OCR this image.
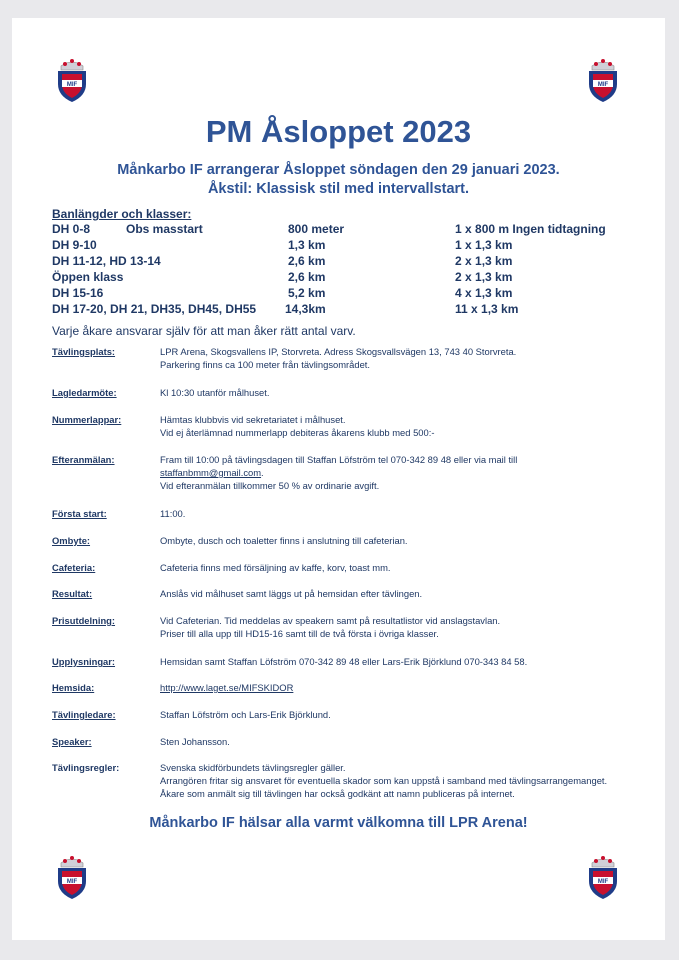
MIF	MIF
MIF	MIF
PM Åsloppet 2023
Månkarbo IF arrangerar Åsloppet söndagen den 29 januari 2023.
Åkstil: Klassisk stil med intervallstart.
Banlängder och klasser:
DH 0-8	Obs masstart	800 meter	1 x 800 m Ingen tidtagning
DH 9-10	1,3 km	1 x 1,3 km
DH 11-12, HD 13-14	2,6 km	2 x 1,3 km
Öppen klass	2,6 km	2 x 1,3 km
DH 15-16	5,2 km	4 x 1,3 km
DH 17-20, DH 21, DH35, DH45, DH55 14,3km	11 x 1,3 km
Varje åkare ansvarar själv för att man åker rätt antal varv.
Tävlingsplats:	LPR Arena, Skogsvallens IP, Storvreta. Adress Skogsvallsvägen 13, 743 40 Storvreta.
Parkering finns ca 100 meter från tävlingsområdet.
Lagledarmöte:	Kl 10:30 utanför målhuset.
Nummerlappar:	Hämtas klubbvis vid sekretariatet i målhuset.
Vid ej återlämnad nummerlapp debiteras åkarens klubb med 500:-
Efteranmälan:	Fram till 10:00 på tävlingsdagen till Staffan Löfström tel 070-342 89 48 eller via mail till
staffanbmm@gmail.com.
Vid efteranmälan tillkommer 50 % av ordinarie avgift.
Första start:	11:00.
Ombyte:	Ombyte, dusch och toaletter finns i anslutning till cafeterian.
Cafeteria:	Cafeteria finns med försäljning av kaffe, korv, toast mm.
Resultat:	Anslås vid målhuset samt läggs ut på hemsidan efter tävlingen.
Prisutdelning:	Vid Cafeterian. Tid meddelas av speakern samt på resultatlistor vid anslagstavlan.
Priser till alla upp till HD15-16 samt till de två första i övriga klasser.
Upplysningar:	Hemsidan samt Staffan Löfström 070-342 89 48 eller Lars-Erik Björklund 070-343 84 58.
Hemsida:	http://www.laget.se/MIFSKIDOR
Tävlingledare:	Staffan Löfström och Lars-Erik Björklund.
Speaker:	Sten Johansson.
Tävlingsregler:	Svenska skidförbundets tävlingsregler gäller.
Arrangören fritar sig ansvaret för eventuella skador som kan uppstå i samband med tävlingsarrangemanget. Åkare som anmält sig till tävlingen har också godkänt att namn publiceras på internet.
Månkarbo IF hälsar alla varmt välkomna till LPR Arena!
